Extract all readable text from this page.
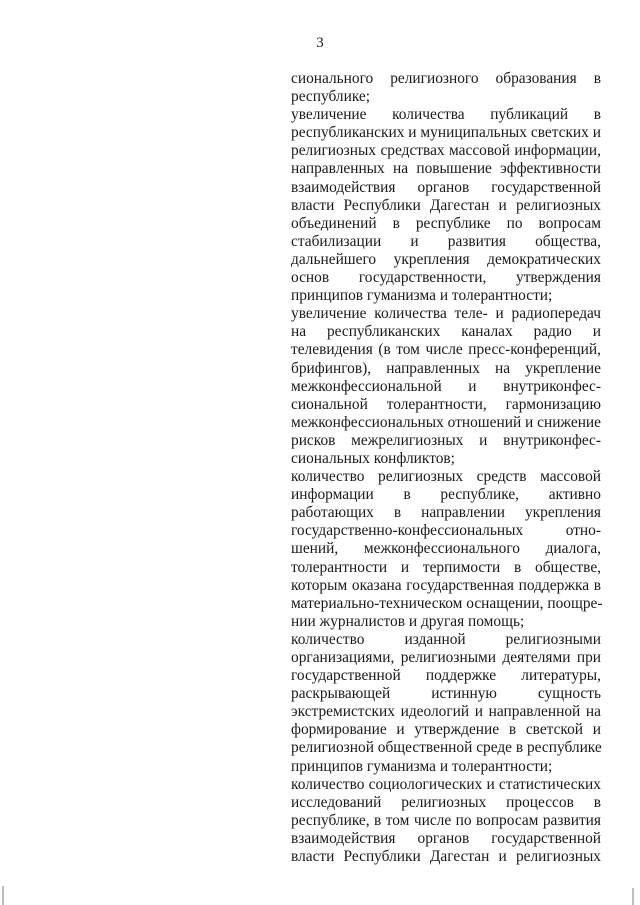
3
сионального религиозного образования в
республике;
увеличение количества публикаций в
республиканских и муниципальных светских и
религиозных средствах массовой информации,
направленных на повышение эффективности
взаимодействия органов государственной
власти Республики Дагестан и религиозных
объединений в республике по вопросам
стабилизации и развития общества,
дальнейшего укрепления демократических
основ государственности, утверждения
принципов гуманизма и толерантности;
увеличение количества теле- и радиопередач
на республиканских каналах радио и
телевидения (в том числе пресс-конференций,
брифингов), направленных на укрепление
межконфессиональной и внутриконфес-
сиональной толерантности, гармонизацию
межконфессиональных отношений и снижение
рисков межрелигиозных и внутриконфес-
сиональных конфликтов;
количество религиозных средств массовой
информации в республике, активно
работающих в направлении укрепления
государственно-конфессиональных отно-
шений, межконфессионального диалога,
толерантности и терпимости в обществе,
которым оказана государственная поддержка в
материально-техническом оснащении, поощре-
нии журналистов и другая помощь;
количество изданной религиозными
организациями, религиозными деятелями при
государственной поддержке литературы,
раскрывающей истинную сущность
экстремистских идеологий и направленной на
формирование и утверждение в светской и
религиозной общественной среде в республике
принципов гуманизма и толерантности;
количество социологических и статистических
исследований религиозных процессов в
республике, в том числе по вопросам развития
взаимодействия органов государственной
власти Республики Дагестан и религиозных
